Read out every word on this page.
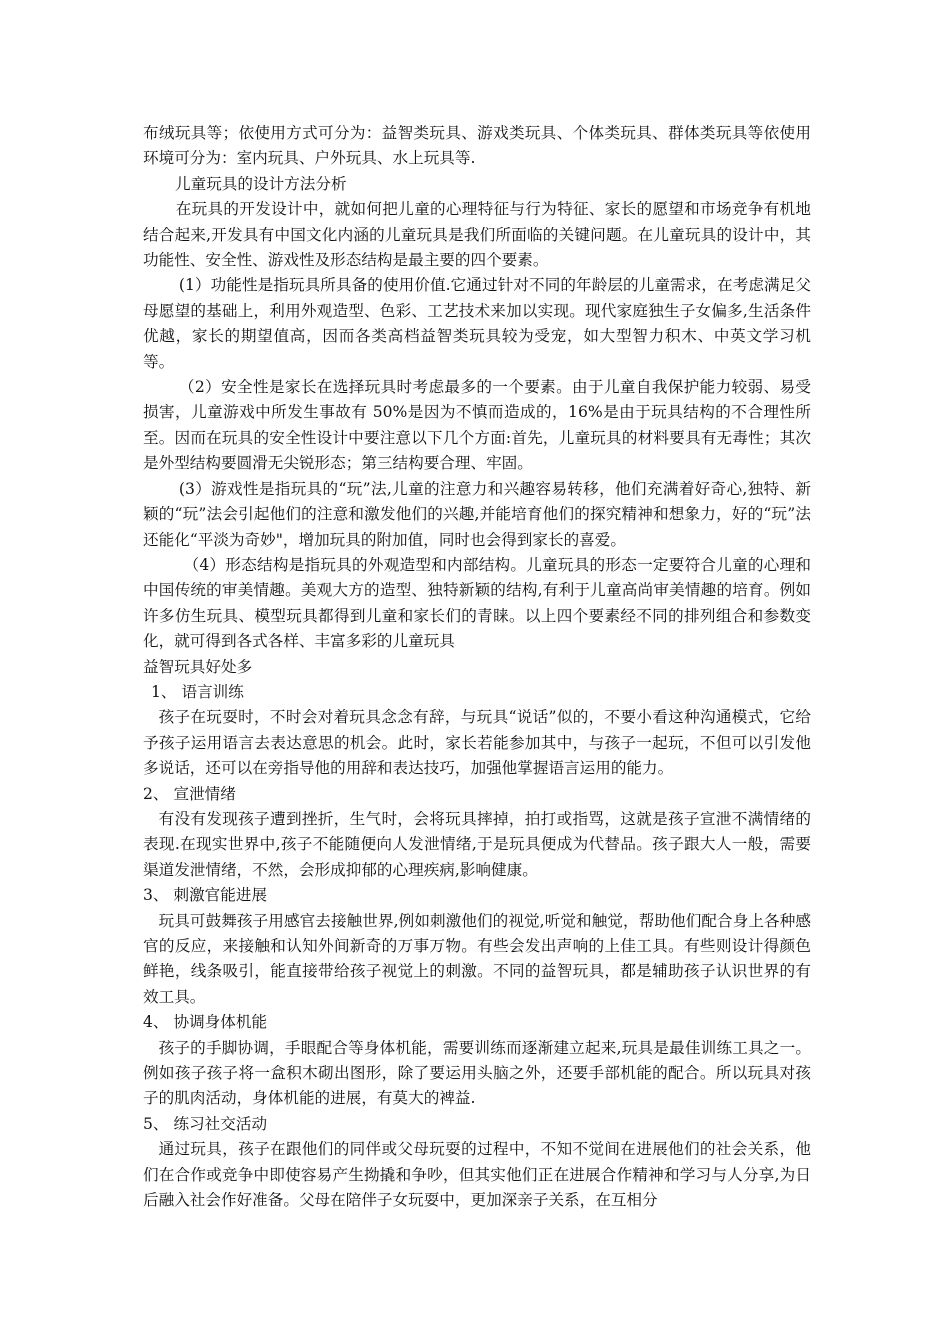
布绒玩具等；依使用方式可分为：益智类玩具、游戏类玩具、个体类玩具、群体类玩具等依使用环境可分为：室内玩具、户外玩具、水上玩具等.

儿童玩具的设计方法分析

在玩具的开发设计中，就如何把儿童的心理特征与行为特征、家长的愿望和市场竞争有机地结合起来,开发具有中国文化内涵的儿童玩具是我们所面临的关键问题。在儿童玩具的设计中，其功能性、安全性、游戏性及形态结构是最主要的四个要素。

(1）功能性是指玩具所具备的使用价值.它通过针对不同的年龄层的儿童需求，在考虑满足父母愿望的基础上，利用外观造型、色彩、工艺技术来加以实现。现代家庭独生子女偏多,生活条件优越，家长的期望值高，因而各类高档益智类玩具较为受宠，如大型智力积木、中英文学习机等。

（2）安全性是家长在选择玩具时考虑最多的一个要素。由于儿童自我保护能力较弱、易受损害，儿童游戏中所发生事故有 50%是因为不慎而造成的，16%是由于玩具结构的不合理性所至。因而在玩具的安全性设计中要注意以下几个方面:首先，儿童玩具的材料要具有无毒性；其次是外型结构要圆滑无尖锐形态；第三结构要合理、牢固。

(3）游戏性是指玩具的“玩”法,儿童的注意力和兴趣容易转移，他们充满着好奇心,独特、新颖的“玩”法会引起他们的注意和激发他们的兴趣,并能培育他们的探究精神和想象力，好的“玩”法还能化“平淡为奇妙"，增加玩具的附加值，同时也会得到家长的喜爱。

（4）形态结构是指玩具的外观造型和内部结构。儿童玩具的形态一定要符合儿童的心理和中国传统的审美情趣。美观大方的造型、独特新颖的结构,有利于儿童高尚审美情趣的培育。例如许多仿生玩具、模型玩具都得到儿童和家长们的青睐。以上四个要素经不同的排列组合和参数变化，就可得到各式各样、丰富多彩的儿童玩具

益智玩具好处多

1、 语言训练

孩子在玩耍时，不时会对着玩具念念有辞，与玩具“说话”似的，不要小看这种沟通模式，它给予孩子运用语言去表达意思的机会。此时，家长若能参加其中，与孩子一起玩，不但可以引发他多说话，还可以在旁指导他的用辞和表达技巧，加强他掌握语言运用的能力。

2、 宣泄情绪

有没有发现孩子遭到挫折，生气时，会将玩具摔掉，拍打或指骂，这就是孩子宣泄不满情绪的表现.在现实世界中,孩子不能随便向人发泄情绪,于是玩具便成为代替品。孩子跟大人一般，需要渠道发泄情绪，不然，会形成抑郁的心理疾病,影响健康。

3、 刺激官能进展

玩具可鼓舞孩子用感官去接触世界,例如刺激他们的视觉,听觉和触觉，帮助他们配合身上各种感官的反应，来接触和认知外间新奇的万事万物。有些会发出声响的上佳工具。有些则设计得颜色鲜艳，线条吸引，能直接带给孩子视觉上的刺激。不同的益智玩具，都是辅助孩子认识世界的有效工具。

4、 协调身体机能

孩子的手脚协调，手眼配合等身体机能，需要训练而逐渐建立起来,玩具是最佳训练工具之一。例如孩子孩子将一盒积木砌出图形，除了要运用头脑之外，还要手部机能的配合。所以玩具对孩子的肌肉活动，身体机能的进展，有莫大的裨益.

5、 练习社交活动

通过玩具，孩子在跟他们的同伴或父母玩耍的过程中，不知不觉间在进展他们的社会关系，他们在合作或竞争中即使容易产生拗撬和争吵，但其实他们正在进展合作精神和学习与人分享,为日后融入社会作好准备。父母在陪伴子女玩耍中，更加深亲子关系，在互相分
